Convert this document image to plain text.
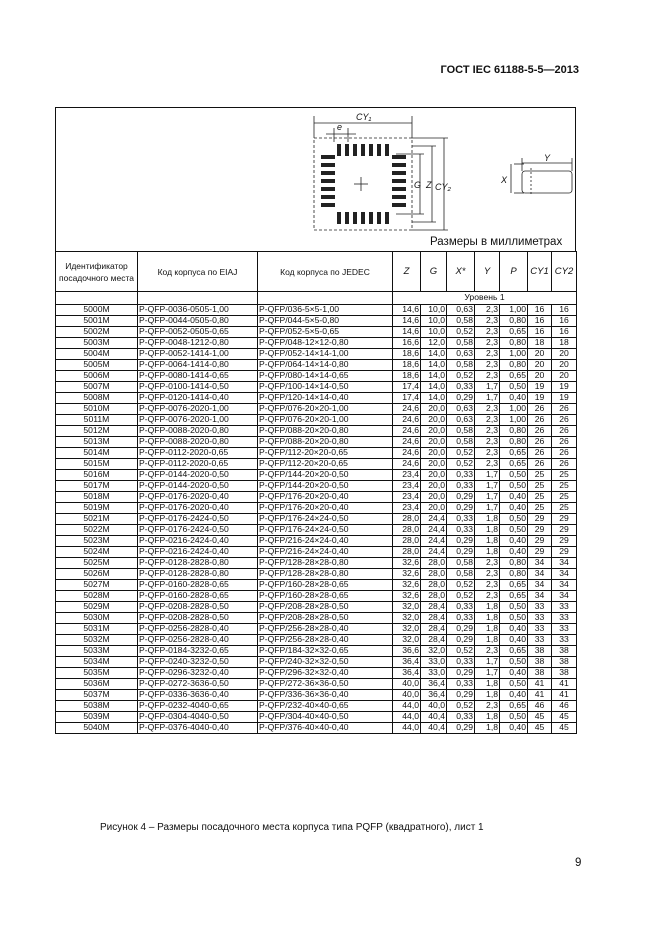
ГОСТ IEC 61188-5-5—2013
CY₁
e
G Z CY₂
X
Y
Размеры в миллиметрах
Идентификатор посадочного места	Код корпуса по EIAJ	Код корпуса по JEDEC	Z	G	X*	Y	P	CY1	CY2
			Уровень 1						
5000M	P-QFP-0036-0505-1,00	P-QFP/036-5×5-1,00	14,6	10,0	0,63	2,3	1,00	16	16
5001M	P-QFP-0044-0505-0,80	P-QFP/044-5×5-0,80	14,6	10,0	0,58	2,3	0,80	16	16
5002M	P-QFP-0052-0505-0,65	P-QFP/052-5×5-0,65	14,6	10,0	0,52	2,3	0,65	16	16
5003M	P-QFP-0048-1212-0,80	P-QFP/048-12×12-0,80	16,6	12,0	0,58	2,3	0,80	18	18
5004M	P-QFP-0052-1414-1,00	P-QFP/052-14×14-1,00	18,6	14,0	0,63	2,3	1,00	20	20
5005M	P-QFP-0064-1414-0,80	P-QFP/064-14×14-0,80	18,6	14,0	0,58	2,3	0,80	20	20
5006M	P-QFP-0080-1414-0,65	P-QFP/080-14×14-0,65	18,6	14,0	0,52	2,3	0,65	20	20
5007M	P-QFP-0100-1414-0,50	P-QFP/100-14×14-0,50	17,4	14,0	0,33	1,7	0,50	19	19
5008M	P-QFP-0120-1414-0,40	P-QFP/120-14×14-0,40	17,4	14,0	0,29	1,7	0,40	19	19
5010M	P-QFP-0076-2020-1,00	P-QFP/076-20×20-1,00	24,6	20,0	0,63	2,3	1,00	26	26
5011M	P-QFP-0076-2020-1,00	P-QFP/076-20×20-1,00	24,6	20,0	0,63	2,3	1,00	26	26
5012M	P-QFP-0088-2020-0,80	P-QFP/088-20×20-0,80	24,6	20,0	0,58	2,3	0,80	26	26
5013M	P-QFP-0088-2020-0,80	P-QFP/088-20×20-0,80	24,6	20,0	0,58	2,3	0,80	26	26
5014M	P-QFP-0112-2020-0,65	P-QFP/112-20×20-0,65	24,6	20,0	0,52	2,3	0,65	26	26
5015M	P-QFP-0112-2020-0,65	P-QFP/112-20×20-0,65	24,6	20,0	0,52	2,3	0,65	26	26
5016M	P-QFP-0144-2020-0,50	P-QFP/144-20×20-0,50	23,4	20,0	0,33	1,7	0,50	25	25
5017M	P-QFP-0144-2020-0,50	P-QFP/144-20×20-0,50	23,4	20,0	0,33	1,7	0,50	25	25
5018M	P-QFP-0176-2020-0,40	P-QFP/176-20×20-0,40	23,4	20,0	0,29	1,7	0,40	25	25
5019M	P-QFP-0176-2020-0,40	P-QFP/176-20×20-0,40	23,4	20,0	0,29	1,7	0,40	25	25
5021M	P-QFP-0176-2424-0,50	P-QFP/176-24×24-0,50	28,0	24,4	0,33	1,8	0,50	29	29
5022M	P-QFP-0176-2424-0,50	P-QFP/176-24×24-0,50	28,0	24,4	0,33	1,8	0,50	29	29
5023M	P-QFP-0216-2424-0,40	P-QFP/216-24×24-0,40	28,0	24,4	0,29	1,8	0,40	29	29
5024M	P-QFP-0216-2424-0,40	P-QFP/216-24×24-0,40	28,0	24,4	0,29	1,8	0,40	29	29
5025M	P-QFP-0128-2828-0,80	P-QFP/128-28×28-0,80	32,6	28,0	0,58	2,3	0,80	34	34
5026M	P-QFP-0128-2828-0,80	P-QFP/128-28×28-0,80	32,6	28,0	0,58	2,3	0,80	34	34
5027M	P-QFP-0160-2828-0,65	P-QFP/160-28×28-0,65	32,6	28,0	0,52	2,3	0,65	34	34
5028M	P-QFP-0160-2828-0,65	P-QFP/160-28×28-0,65	32,6	28,0	0,52	2,3	0,65	34	34
5029M	P-QFP-0208-2828-0,50	P-QFP/208-28×28-0,50	32,0	28,4	0,33	1,8	0,50	33	33
5030M	P-QFP-0208-2828-0,50	P-QFP/208-28×28-0,50	32,0	28,4	0,33	1,8	0,50	33	33
5031M	P-QFP-0256-2828-0,40	P-QFP/256-28×28-0,40	32,0	28,4	0,29	1,8	0,40	33	33
5032M	P-QFP-0256-2828-0,40	P-QFP/256-28×28-0,40	32,0	28,4	0,29	1,8	0,40	33	33
5033M	P-QFP-0184-3232-0,65	P-QFP/184-32×32-0,65	36,6	32,0	0,52	2,3	0,65	38	38
5034M	P-QFP-0240-3232-0,50	P-QFP/240-32×32-0,50	36,4	33,0	0,33	1,7	0,50	38	38
5035M	P-QFP-0296-3232-0,40	P-QFP/296-32×32-0,40	36,4	33,0	0,29	1,7	0,40	38	38
5036M	P-QFP-0272-3636-0,50	P-QFP/272-36×36-0,50	40,0	36,4	0,33	1,8	0,50	41	41
5037M	P-QFP-0336-3636-0,40	P-QFP/336-36×36-0,40	40,0	36,4	0,29	1,8	0,40	41	41
5038M	P-QFP-0232-4040-0,65	P-QFP/232-40×40-0,65	44,0	40,0	0,52	2,3	0,65	46	46
5039M	P-QFP-0304-4040-0,50	P-QFP/304-40×40-0,50	44,0	40,4	0,33	1,8	0,50	45	45
5040M	P-QFP-0376-4040-0,40	P-QFP/376-40×40-0,40	44,0	40,4	0,29	1,8	0,40	45	45
Рисунок 4 – Размеры посадочного места корпуса типа PQFP (квадратного), лист 1
9
